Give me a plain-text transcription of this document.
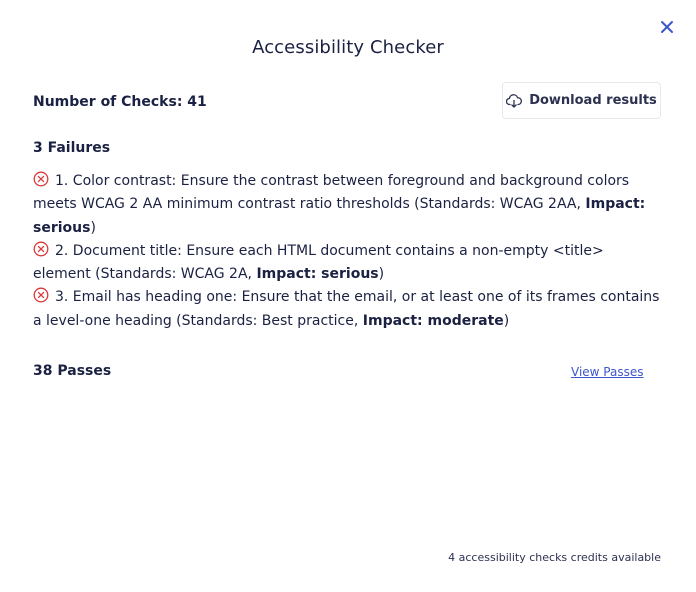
Accessibility Checker
Number of Checks: 41	Download results
3 Failures
1. Color contrast: Ensure the contrast between foreground and background colors meets WCAG 2 AA minimum contrast ratio thresholds (Standards: WCAG 2AA, Impact: serious)
2. Document title: Ensure each HTML document contains a non-empty <title> element (Standards: WCAG 2A, Impact: serious)
3. Email has heading one: Ensure that the email, or at least one of its frames contains a level-one heading (Standards: Best practice, Impact: moderate)
38 Passes	View Passes
4 accessibility checks credits available
